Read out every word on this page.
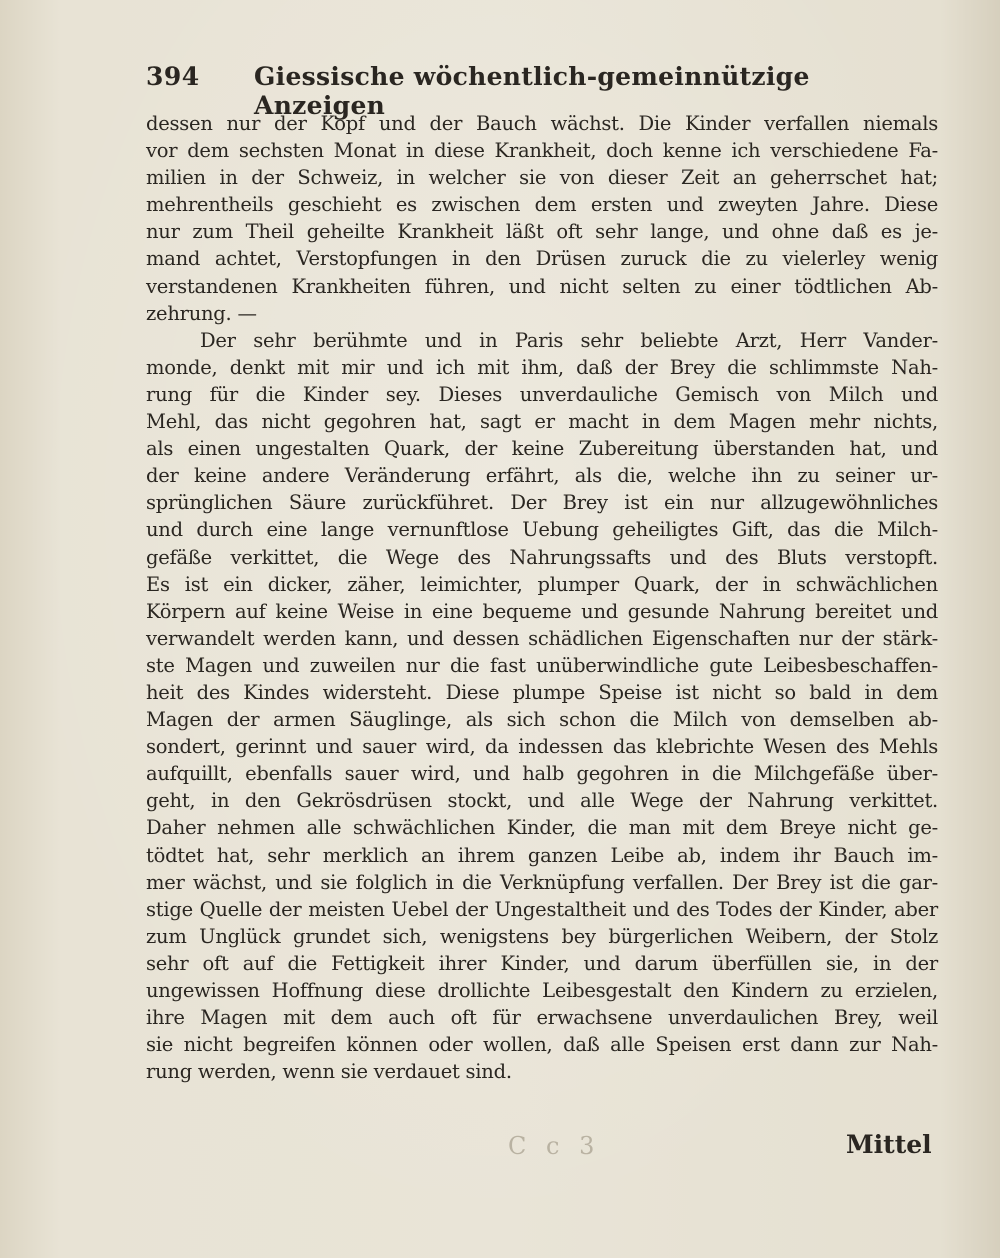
394 Giessische wöchentlich-gemeinnützige Anzeigen
dessen nur der Kopf und der Bauch wächst. Die Kinder verfallen niemals
vor dem sechsten Monat in diese Krankheit, doch kenne ich verschiedene Fa-
milien in der Schweiz, in welcher sie von dieser Zeit an geherrschet hat;
mehrentheils geschieht es zwischen dem ersten und zweyten Jahre. Diese
nur zum Theil geheilte Krankheit läßt oft sehr lange, und ohne daß es je-
mand achtet, Verstopfungen in den Drüsen zuruck die zu vielerley wenig
verstandenen Krankheiten führen, und nicht selten zu einer tödtlichen Ab-
zehrung. —
Der sehr berühmte und in Paris sehr beliebte Arzt, Herr Vander-
monde, denkt mit mir und ich mit ihm, daß der Brey die schlimmste Nah-
rung für die Kinder sey. Dieses unverdauliche Gemisch von Milch und
Mehl, das nicht gegohren hat, sagt er macht in dem Magen mehr nichts,
als einen ungestalten Quark, der keine Zubereitung überstanden hat, und
der keine andere Veränderung erfährt, als die, welche ihn zu seiner ur-
sprünglichen Säure zurückführet. Der Brey ist ein nur allzugewöhnliches
und durch eine lange vernunftlose Uebung geheiligtes Gift, das die Milch-
gefäße verkittet, die Wege des Nahrungssafts und des Bluts verstopft.
Es ist ein dicker, zäher, leimichter, plumper Quark, der in schwächlichen
Körpern auf keine Weise in eine bequeme und gesunde Nahrung bereitet und
verwandelt werden kann, und dessen schädlichen Eigenschaften nur der stärk-
ste Magen und zuweilen nur die fast unüberwindliche gute Leibesbeschaffen-
heit des Kindes widersteht. Diese plumpe Speise ist nicht so bald in dem
Magen der armen Säuglinge, als sich schon die Milch von demselben ab-
sondert, gerinnt und sauer wird, da indessen das klebrichte Wesen des Mehls
aufquillt, ebenfalls sauer wird, und halb gegohren in die Milchgefäße über-
geht, in den Gekrösdrüsen stockt, und alle Wege der Nahrung verkittet.
Daher nehmen alle schwächlichen Kinder, die man mit dem Breye nicht ge-
tödtet hat, sehr merklich an ihrem ganzen Leibe ab, indem ihr Bauch im-
mer wächst, und sie folglich in die Verknüpfung verfallen. Der Brey ist die gar-
stige Quelle der meisten Uebel der Ungestaltheit und des Todes der Kinder, aber
zum Unglück grundet sich, wenigstens bey bürgerlichen Weibern, der Stolz
sehr oft auf die Fettigkeit ihrer Kinder, und darum überfüllen sie, in der
ungewissen Hoffnung diese drollichte Leibesgestalt den Kindern zu erzielen,
ihre Magen mit dem auch oft für erwachsene unverdaulichen Brey, weil
sie nicht begreifen können oder wollen, daß alle Speisen erst dann zur Nah-
rung werden, wenn sie verdauet sind.
C c 3	Mittel
